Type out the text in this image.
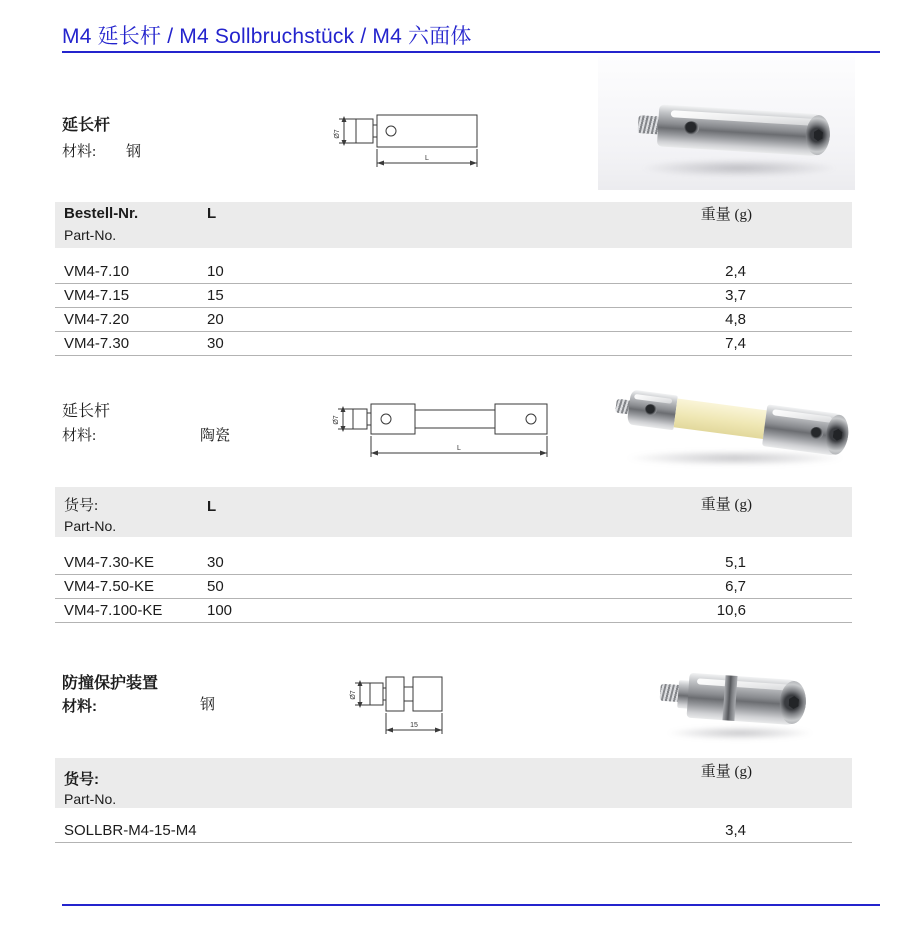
M4 延长杆 / M4 Sollbruchstück / M4 六面体
延长杆
材料: 钢
Ø7
L
Bestell-Nr.	L	重量 (g)
Part-No.
VM4-7.10	10	2,4
VM4-7.15	15	3,7
VM4-7.20	20	4,8
VM4-7.30	30	7,4
延长杆
材料:	陶瓷
Ø7
L
货号:	L	重量 (g)
Part-No.
VM4-7.30-KE	30	5,1
VM4-7.50-KE	50	6,7
VM4-7.100-KE	100	10,6
防撞保护装置
材料:	钢
Ø7
15
货号:	重量 (g)
Part-No.
SOLLBR-M4-15-M4	3,4
